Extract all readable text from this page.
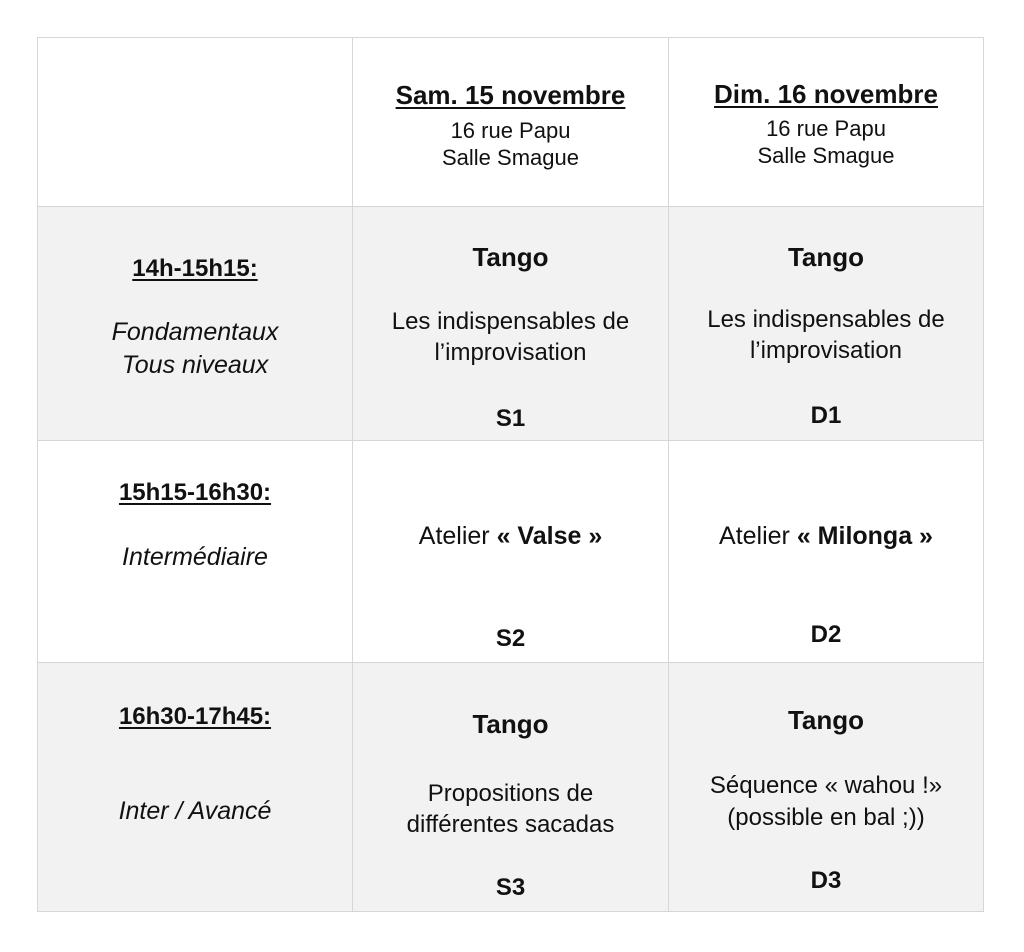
Sam. 15 novembre
16 rue Papu
Salle Smague
Dim. 16 novembre
16 rue Papu
Salle Smague
14h-15h15:
Fondamentaux
Tous niveaux
Tango
Les indispensables de
l’improvisation
S1
Tango
Les indispensables de
l’improvisation
D1
15h15-16h30:
Intermédiaire
Atelier « Valse »
S2
Atelier « Milonga »
D2
16h30-17h45:
Inter / Avancé
Tango
Propositions de
différentes sacadas
S3
Tango
Séquence « wahou !»
(possible en bal ;))
D3
